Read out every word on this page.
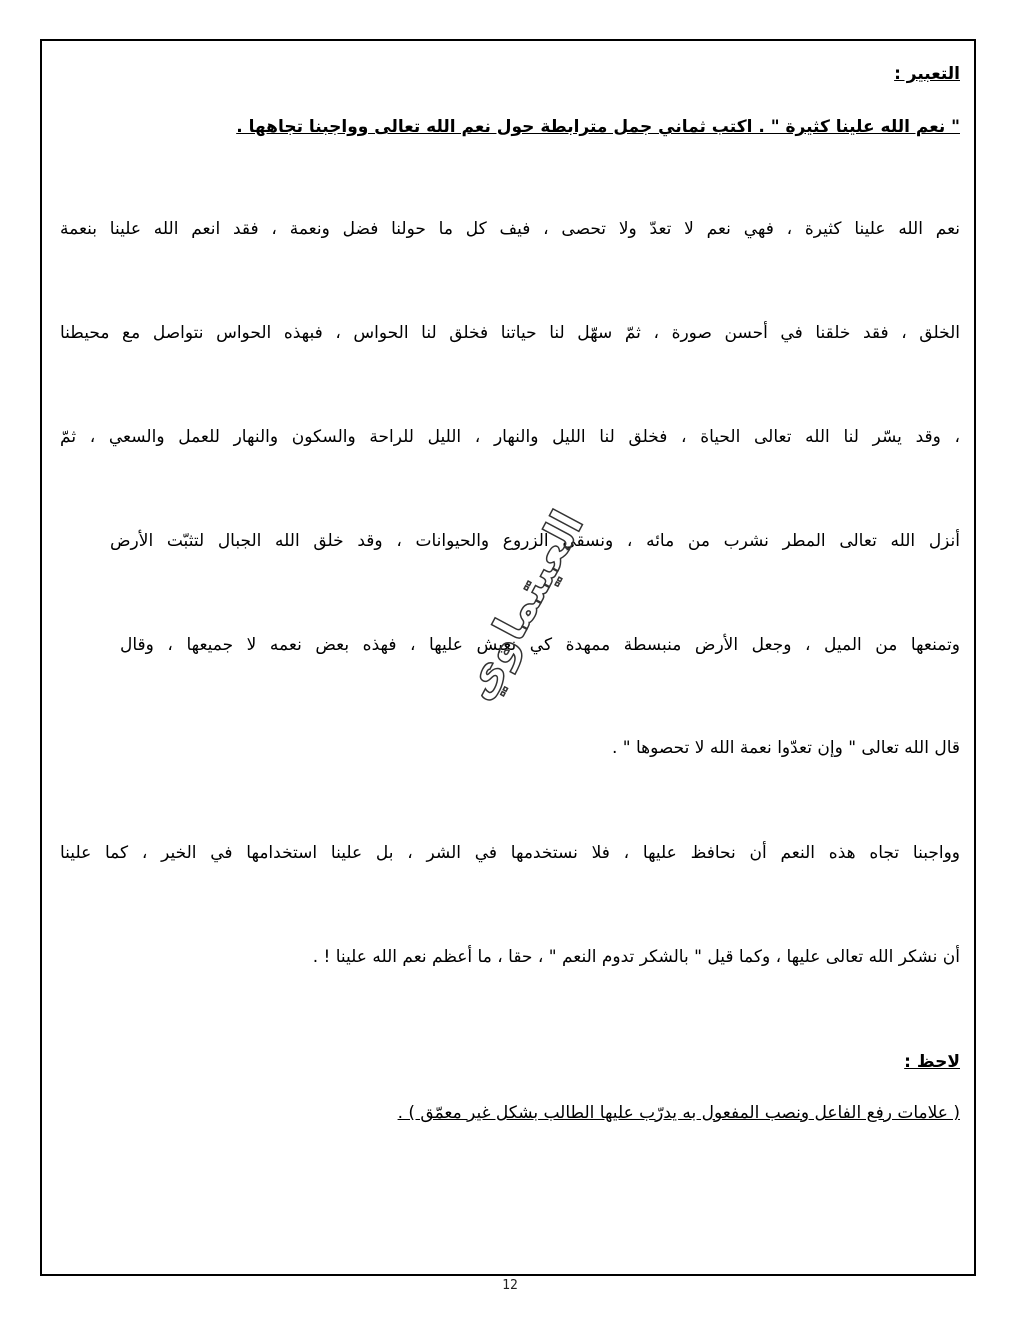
التعبير :
" نعم الله علينا كثيرة " . اكتب ثماني جمل مترابطة حول نعم الله تعالى وواجبنا تجاهها .
نعم الله علينا كثيرة ، فهي نعم لا تعدّ ولا تحصى ، فيف كل ما حولنا فضل ونعمة ، فقد انعم الله علينا بنعمة
الخلق ، فقد خلقنا في أحسن صورة ، ثمّ سهّل لنا حياتنا فخلق لنا الحواس ، فبهذه الحواس نتواصل مع محيطنا
، وقد يسّر لنا الله تعالى الحياة ، فخلق لنا الليل والنهار ، الليل للراحة والسكون والنهار للعمل والسعي ، ثمّ
أنزل الله تعالى المطر نشرب من مائه ، ونسقي الزروع والحيوانات ، وقد خلق الله الجبال لتثبّت الأرض
وتمنعها من الميل ، وجعل الأرض منبسطة ممهدة كي نعيش عليها ، فهذه بعض نعمه لا جميعها ، وقال
قال الله تعالى " وإن تعدّوا نعمة الله لا تحصوها " .
وواجبنا تجاه هذه النعم أن نحافظ عليها ، فلا نستخدمها في الشر ، بل علينا استخدامها في الخير ، كما علينا
أن نشكر الله تعالى عليها ، وكما قيل " بالشكر تدوم النعم " ، حقا ، ما أعظم نعم الله علينا ! .
لاحظ :
( علامات رفع الفاعل ونصب المفعول به يدرّب عليها الطالب بشكل غير معمّق ) .
العيتماوي
12
